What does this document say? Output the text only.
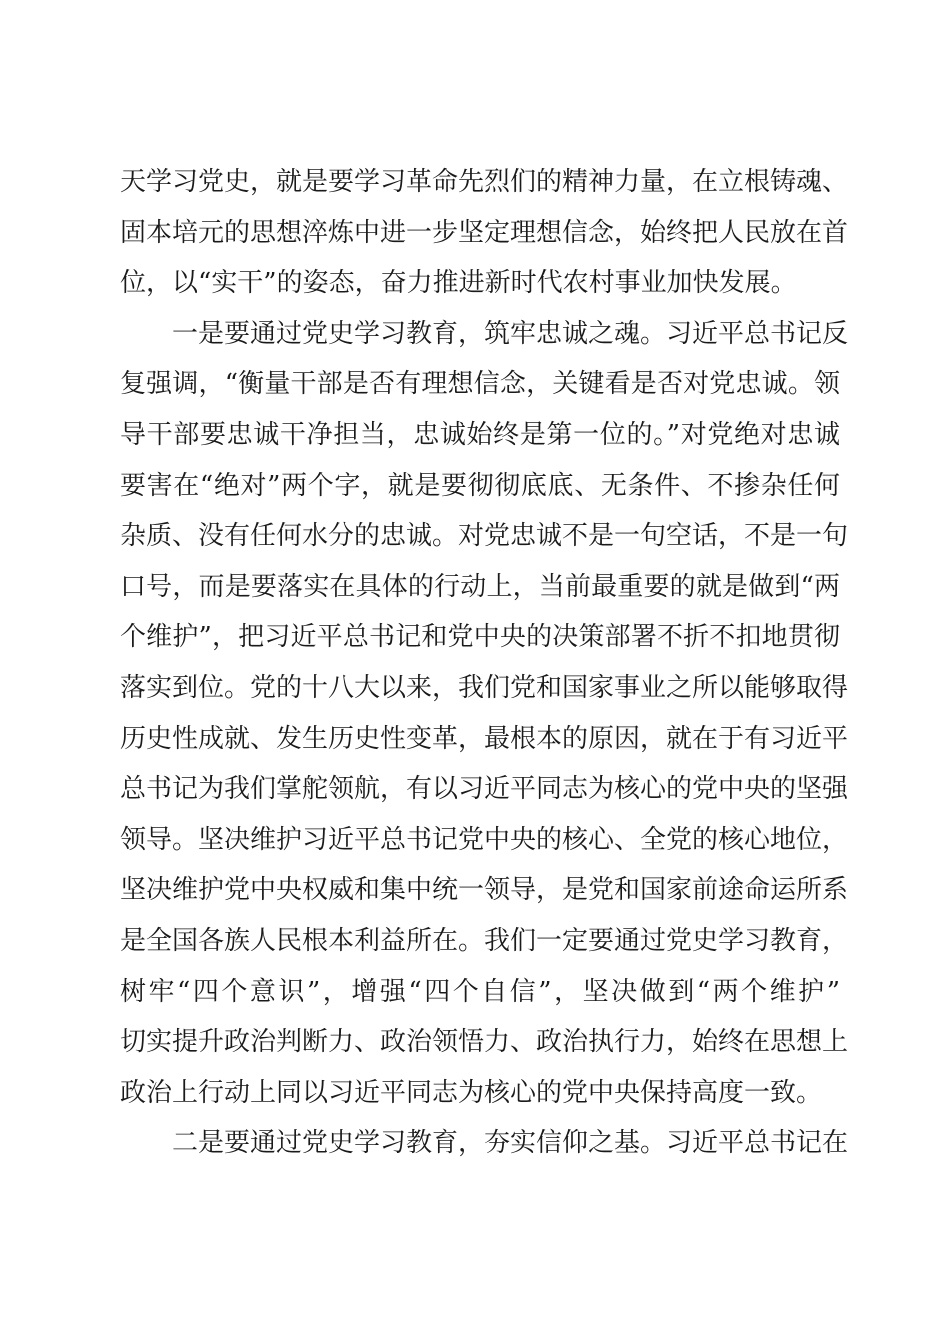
天学习党史，就是要学习革命先烈们的精神力量，在立根铸魂、
固本培元的思想淬炼中进一步坚定理想信念，始终把人民放在首
位，以“实干”的姿态，奋力推进新时代农村事业加快发展。
一是要通过党史学习教育，筑牢忠诚之魂。习近平总书记反
复强调，“衡量干部是否有理想信念，关键看是否对党忠诚。领
导干部要忠诚干净担当，忠诚始终是第一位的。”对党绝对忠诚
要害在“绝对”两个字，就是要彻彻底底、无条件、不掺杂任何
杂质、没有任何水分的忠诚。对党忠诚不是一句空话，不是一句
口号，而是要落实在具体的行动上，当前最重要的就是做到“两
个维护”，把习近平总书记和党中央的决策部署不折不扣地贯彻
落实到位。党的十八大以来，我们党和国家事业之所以能够取得
历史性成就、发生历史性变革，最根本的原因，就在于有习近平
总书记为我们掌舵领航，有以习近平同志为核心的党中央的坚强
领导。坚决维护习近平总书记党中央的核心、全党的核心地位，
坚决维护党中央权威和集中统一领导，是党和国家前途命运所系
是全国各族人民根本利益所在。我们一定要通过党史学习教育，
树牢“四个意识”，增强“四个自信”，坚决做到“两个维护”
切实提升政治判断力、政治领悟力、政治执行力，始终在思想上
政治上行动上同以习近平同志为核心的党中央保持高度一致。
二是要通过党史学习教育，夯实信仰之基。习近平总书记在
